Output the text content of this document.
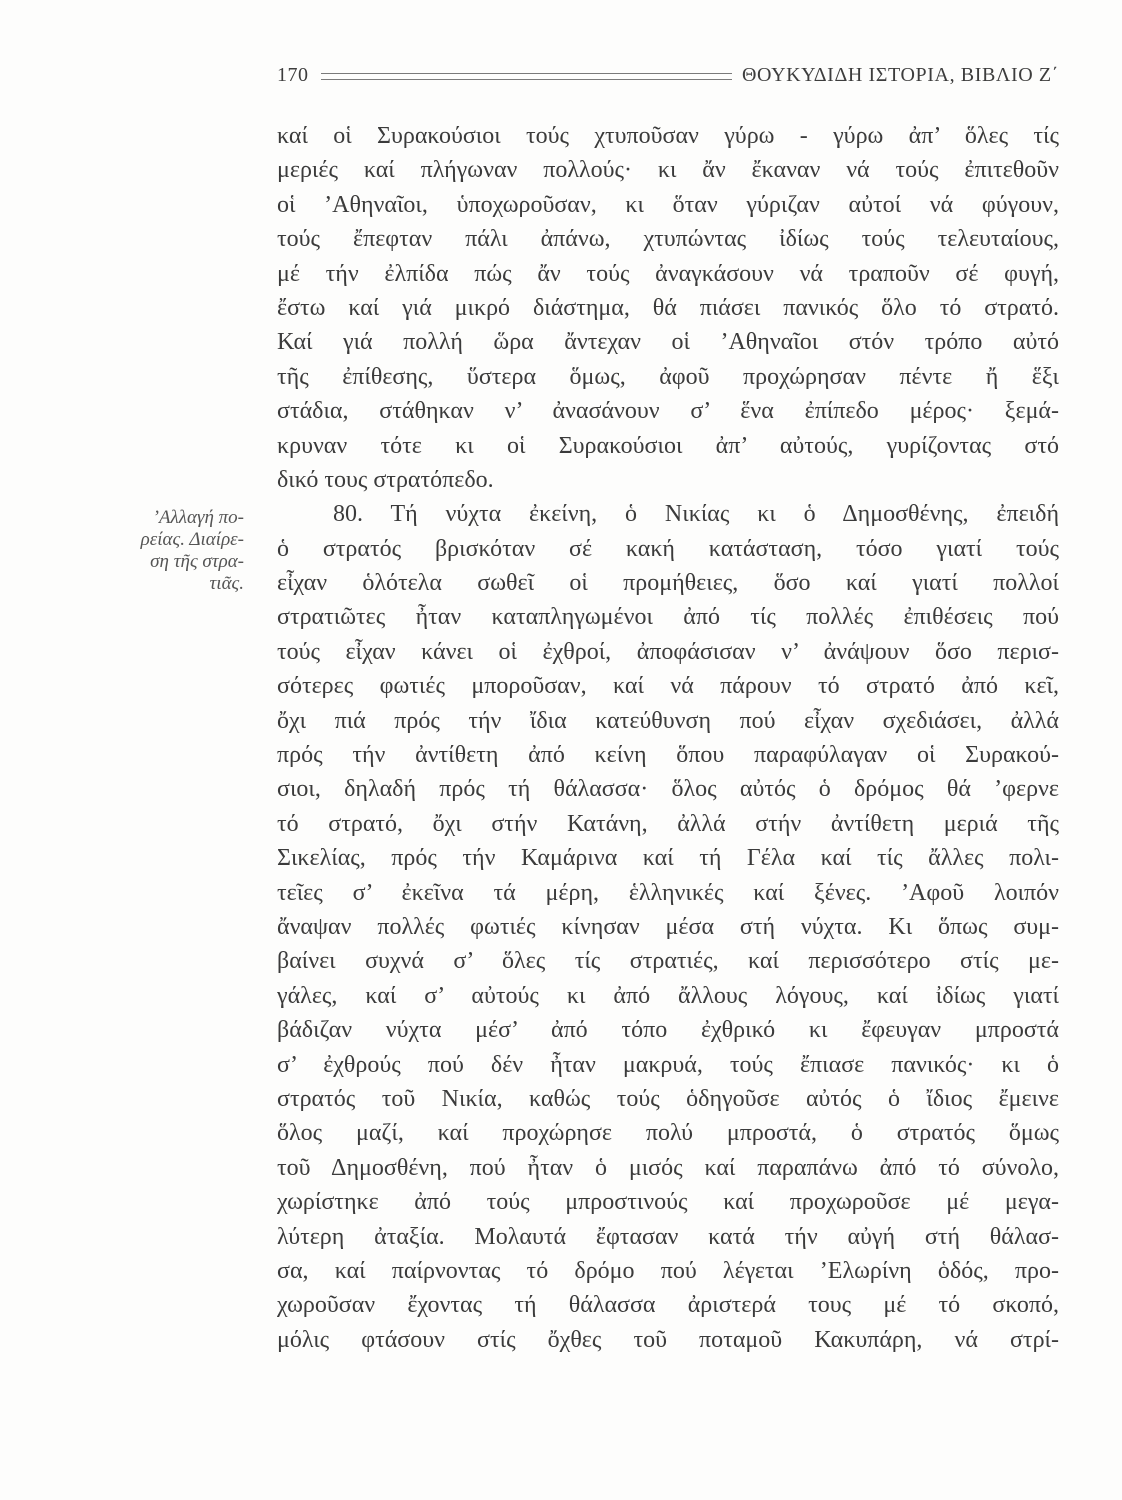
170	ΘΟΥΚΥΔΙΔΗ ΙΣΤΟΡΙΑ, ΒΙΒΛΙΟ Ζ΄
’Αλλαγή πο-
ρείας. Διαίρε-
ση τῆς στρα-
τιᾶς.
καί οἱ Συρακούσιοι τούς χτυποῦσαν γύρω - γύρω ἀπ’ ὅλες τίς
μεριές καί πλήγωναν πολλούς· κι ἄν ἔκαναν νά τούς ἐπιτεθοῦν
οἱ ’Αθηναῖοι, ὑποχωροῦσαν, κι ὅταν γύριζαν αὐτοί νά φύγουν,
τούς ἔπεφταν πάλι ἀπάνω, χτυπώντας ἰδίως τούς τελευταίους,
μέ τήν ἐλπίδα πώς ἄν τούς ἀναγκάσουν νά τραποῦν σέ φυγή,
ἔστω καί γιά μικρό διάστημα, θά πιάσει πανικός ὅλο τό στρατό.
Καί γιά πολλή ὥρα ἄντεχαν οἱ ’Αθηναῖοι στόν τρόπο αὐτό
τῆς ἐπίθεσης, ὕστερα ὅμως, ἀφοῦ προχώρησαν πέντε ἤ ἕξι
στάδια, στάθηκαν ν’ ἀνασάνουν σ’ ἕνα ἐπίπεδο μέρος· ξεμά-
κρυναν τότε κι οἱ Συρακούσιοι ἀπ’ αὐτούς, γυρίζοντας στό
δικό τους στρατόπεδο.
80. Τή νύχτα ἐκείνη, ὁ Νικίας κι ὁ Δημοσθένης, ἐπειδή
ὁ στρατός βρισκόταν σέ κακή κατάσταση, τόσο γιατί τούς
εἶχαν ὁλότελα σωθεῖ οἱ προμήθειες, ὅσο καί γιατί πολλοί
στρατιῶτες ἦταν καταπληγωμένοι ἀπό τίς πολλές ἐπιθέσεις πού
τούς εἶχαν κάνει οἱ ἐχθροί, ἀποφάσισαν ν’ ἀνάψουν ὅσο περισ-
σότερες φωτιές μποροῦσαν, καί νά πάρουν τό στρατό ἀπό κεῖ,
ὄχι πιά πρός τήν ἴδια κατεύθυνση πού εἶχαν σχεδιάσει, ἀλλά
πρός τήν ἀντίθετη ἀπό κείνη ὅπου παραφύλαγαν οἱ Συρακού-
σιοι, δηλαδή πρός τή θάλασσα· ὅλος αὐτός ὁ δρόμος θά ’φερνε
τό στρατό, ὄχι στήν Κατάνη, ἀλλά στήν ἀντίθετη μεριά τῆς
Σικελίας, πρός τήν Καμάρινα καί τή Γέλα καί τίς ἄλλες πολι-
τεῖες σ’ ἐκεῖνα τά μέρη, ἑλληνικές καί ξένες. ’Αφοῦ λοιπόν
ἄναψαν πολλές φωτιές κίνησαν μέσα στή νύχτα. Κι ὅπως συμ-
βαίνει συχνά σ’ ὅλες τίς στρατιές, καί περισσότερο στίς με-
γάλες, καί σ’ αὐτούς κι ἀπό ἄλλους λόγους, καί ἰδίως γιατί
βάδιζαν νύχτα μέσ’ ἀπό τόπο ἐχθρικό κι ἔφευγαν μπροστά
σ’ ἐχθρούς πού δέν ἦταν μακρυά, τούς ἔπιασε πανικός· κι ὁ
στρατός τοῦ Νικία, καθώς τούς ὁδηγοῦσε αὐτός ὁ ἴδιος ἔμεινε
ὅλος μαζί, καί προχώρησε πολύ μπροστά, ὁ στρατός ὅμως
τοῦ Δημοσθένη, πού ἦταν ὁ μισός καί παραπάνω ἀπό τό σύνολο,
χωρίστηκε ἀπό τούς μπροστινούς καί προχωροῦσε μέ μεγα-
λύτερη ἀταξία. Μολαυτά ἔφτασαν κατά τήν αὐγή στή θάλασ-
σα, καί παίρνοντας τό δρόμο πού λέγεται ’Ελωρίνη ὁδός, προ-
χωροῦσαν ἔχοντας τή θάλασσα ἀριστερά τους μέ τό σκοπό,
μόλις φτάσουν στίς ὄχθες τοῦ ποταμοῦ Κακυπάρη, νά στρί-
